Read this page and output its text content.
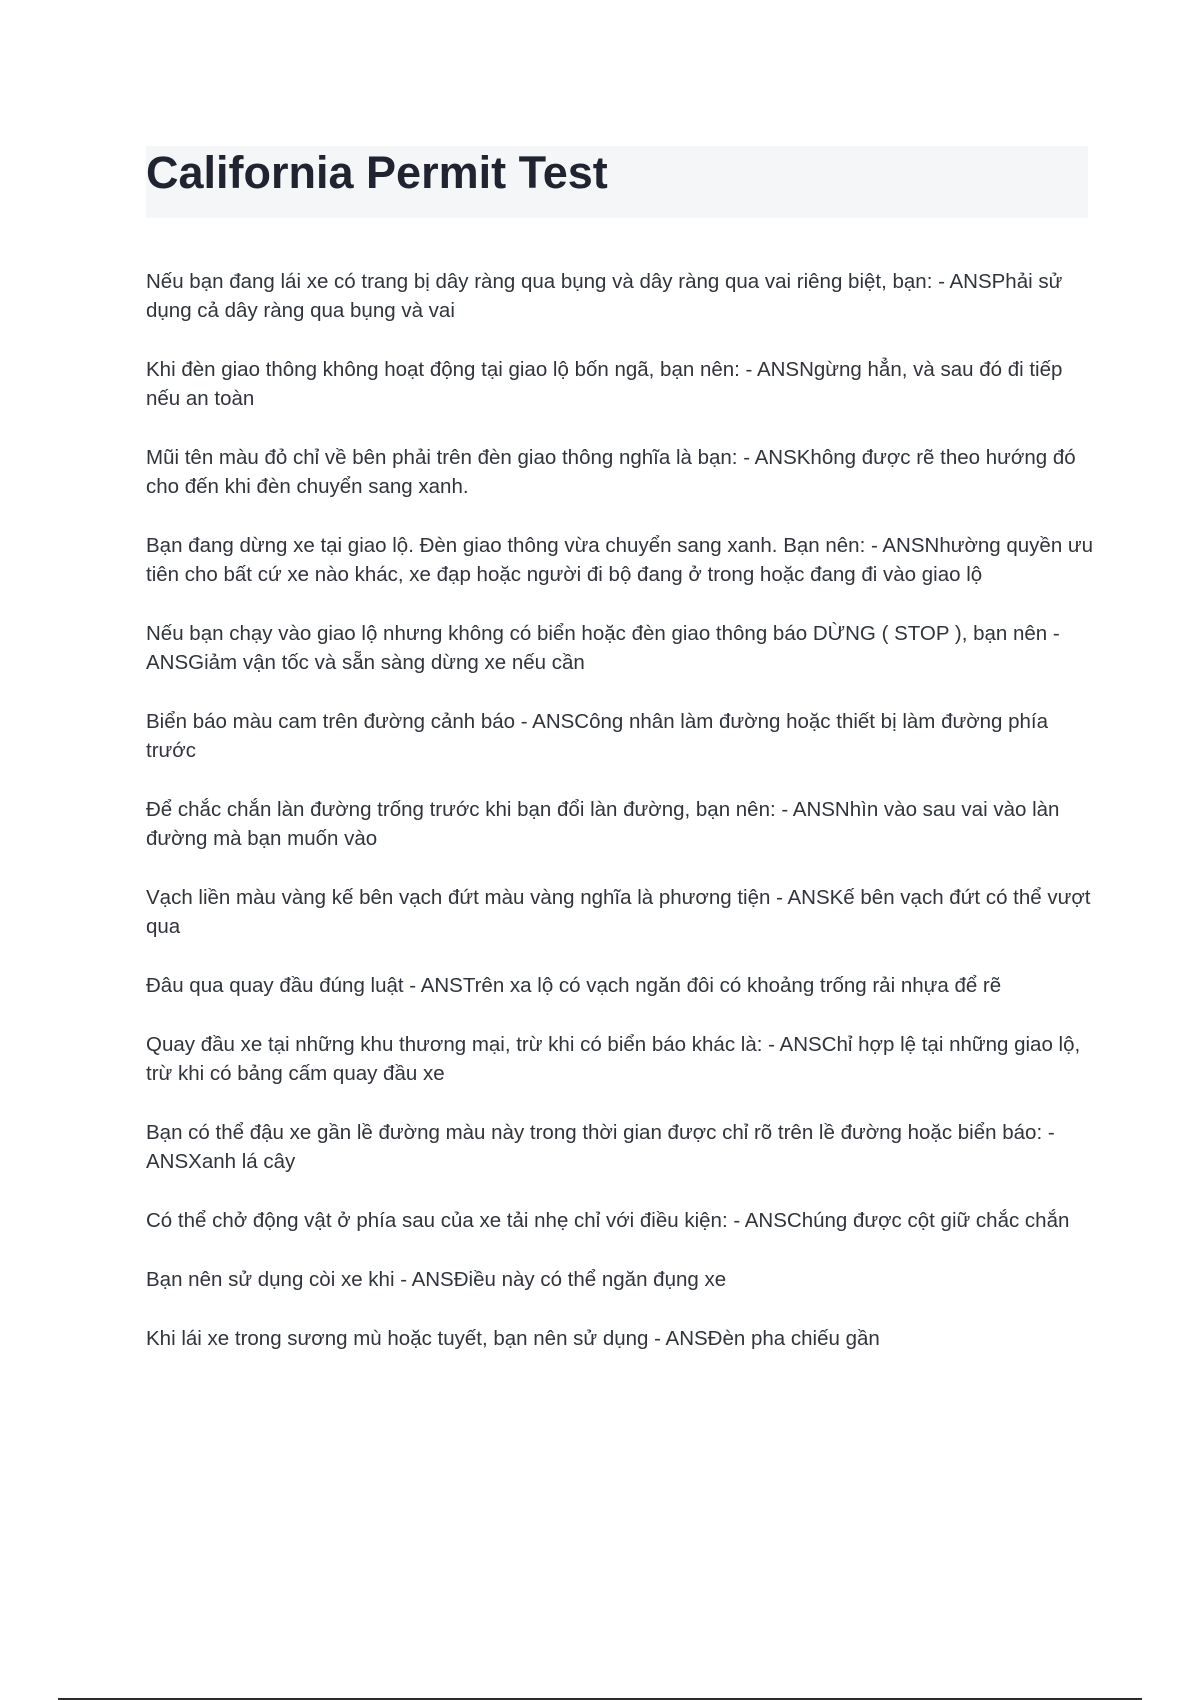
California Permit Test
Nếu bạn đang lái xe có trang bị dây ràng qua bụng và dây ràng qua vai riêng biệt, bạn: - ANSPhải sử dụng cả dây ràng qua bụng và vai
Khi đèn giao thông không hoạt động tại giao lộ bốn ngã, bạn nên: - ANSNgừng hẳn, và sau đó đi tiếp nếu an toàn
Mũi tên màu đỏ chỉ về bên phải trên đèn giao thông nghĩa là bạn: - ANSKhông được rẽ theo hướng đó cho đến khi đèn chuyển sang xanh.
Bạn đang dừng xe tại giao lộ. Đèn giao thông vừa chuyển sang xanh. Bạn nên: - ANSNhường quyền ưu tiên cho bất cứ xe nào khác, xe đạp hoặc người đi bộ đang ở trong hoặc đang đi vào giao lộ
Nếu bạn chạy vào giao lộ nhưng không có biển hoặc đèn giao thông báo DỪNG ( STOP ), bạn nên - ANSGiảm vận tốc và sẵn sàng dừng xe nếu cần
Biển báo màu cam trên đường cảnh báo - ANSCông nhân làm đường hoặc thiết bị làm đường phía trước
Để chắc chắn làn đường trống trước khi bạn đổi làn đường, bạn nên: - ANSNhìn vào sau vai vào làn đường mà bạn muốn vào
Vạch liền màu vàng kế bên vạch đứt màu vàng nghĩa là phương tiện - ANSKế bên vạch đứt có thể vượt qua
Đâu qua quay đầu đúng luật - ANSTrên xa lộ có vạch ngăn đôi có khoảng trống rải nhựa để rẽ
Quay đầu xe tại những khu thương mại, trừ khi có biển báo khác là: - ANSChỉ hợp lệ tại những giao lộ, trừ khi có bảng cấm quay đầu xe
Bạn có thể đậu xe gần lề đường màu này trong thời gian được chỉ rõ trên lề đường hoặc biển báo: - ANSXanh lá cây
Có thể chở động vật ở phía sau của xe tải nhẹ chỉ với điều kiện: - ANSChúng được cột giữ chắc chắn
Bạn nên sử dụng còi xe khi - ANSĐiều này có thể ngăn đụng xe
Khi lái xe trong sương mù hoặc tuyết, bạn nên sử dụng - ANSĐèn pha chiếu gần
